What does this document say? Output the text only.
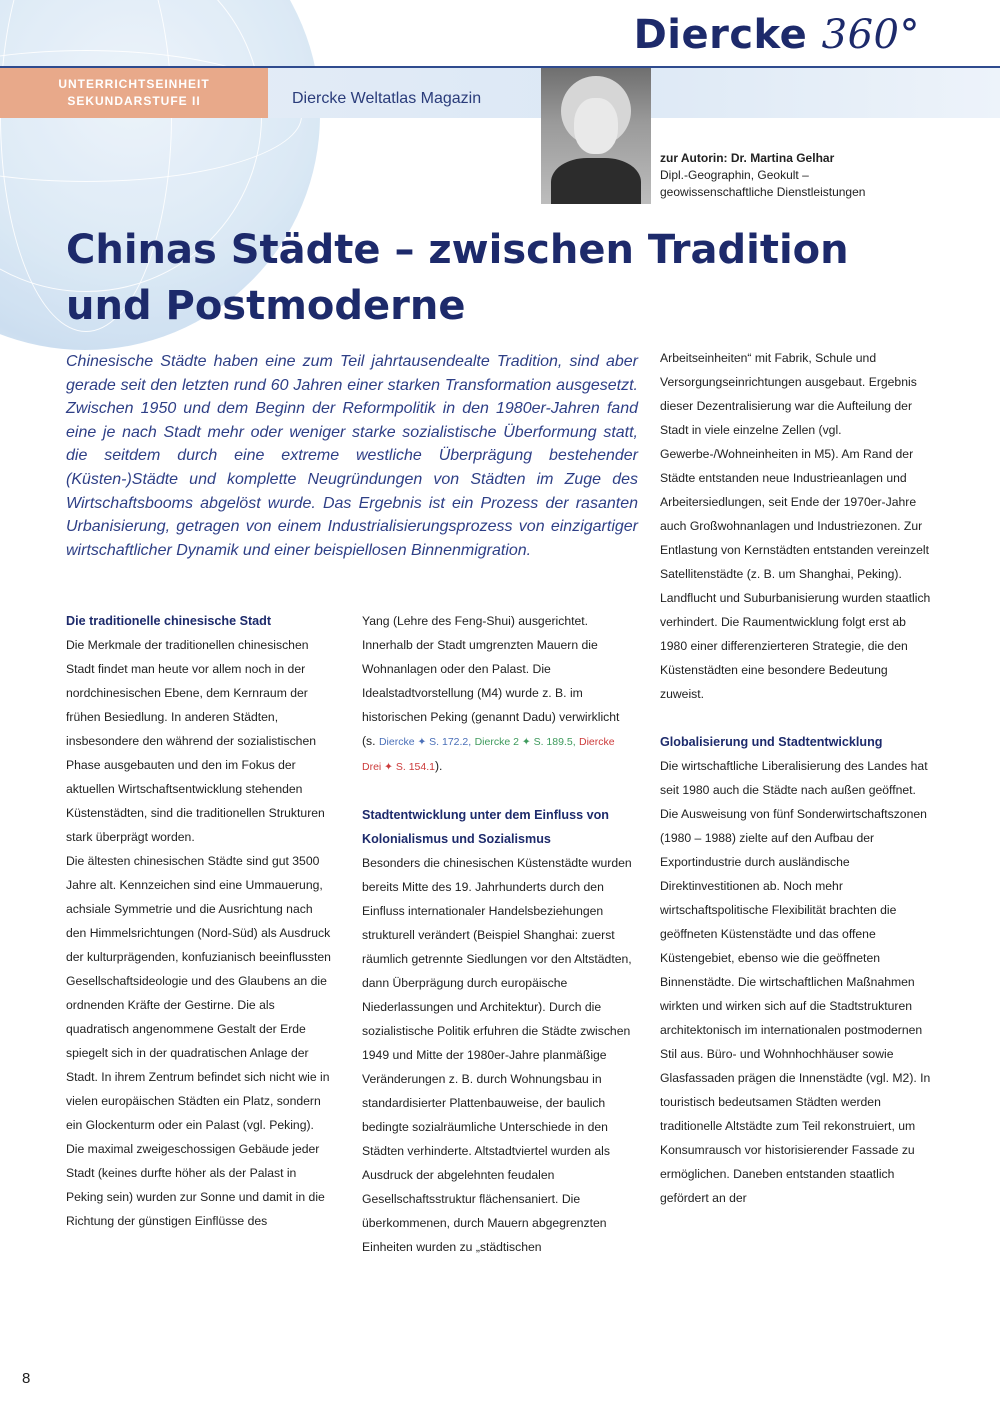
Diercke 360°
UNTERRICHTSEINHEIT
SEKUNDARSTUFE II	Diercke Weltatlas Magazin
zur Autorin: Dr. Martina Gelhar
Dipl.-Geographin, Geokult –
geowissenschaftliche Dienstleistungen
Chinas Städte – zwischen Tradition
und Postmoderne

Chinesische Städte haben eine zum Teil jahrtausendealte Tradition, sind aber gerade seit den letzten rund 60 Jahren einer starken Transformation ausgesetzt. Zwischen 1950 und dem Beginn der Reformpolitik in den 1980er-Jahren fand eine je nach Stadt mehr oder weniger starke sozialistische Überformung statt, die seitdem durch eine extreme westliche Überprägung bestehender (Küsten-)Städte und komplette Neugründungen von Städten im Zuge des Wirtschaftsbooms abgelöst wurde. Das Ergebnis ist ein Prozess der rasanten Urbanisierung, getragen von einem Industrialisierungsprozess von einzigartiger wirtschaftlicher Dynamik und einer beispiellosen Binnenmigration.

Die traditionelle chinesische Stadt

Die Merkmale der traditionellen chinesischen Stadt findet man heute vor allem noch in der nordchinesischen Ebene, dem Kernraum der frühen Besiedlung. In anderen Städten, insbesondere den während der sozialistischen Phase ausgebauten und den im Fokus der aktuellen Wirtschaftsentwicklung stehenden Küstenstädten, sind die traditionellen Strukturen stark überprägt worden.

Die ältesten chinesischen Städte sind gut 3500 Jahre alt. Kennzeichen sind eine Ummauerung, achsiale Symmetrie und die Ausrichtung nach den Himmelsrichtungen (Nord-Süd) als Ausdruck der kulturprägenden, konfuzianisch beeinflussten Gesellschaftsideologie und des Glaubens an die ordnenden Kräfte der Gestirne. Die als quadratisch angenommene Gestalt der Erde spiegelt sich in der quadratischen Anlage der Stadt. In ihrem Zentrum befindet sich nicht wie in vielen europäischen Städten ein Platz, sondern ein Glockenturm oder ein Palast (vgl. Peking). Die maximal zweigeschossigen Gebäude jeder Stadt (keines durfte höher als der Palast in Peking sein) wurden zur Sonne und damit in die Richtung der günstigen Einflüsse des

Yang (Lehre des Feng-Shui) ausgerichtet. Innerhalb der Stadt umgrenzten Mauern die Wohnanlagen oder den Palast. Die Idealstadtvorstellung (M4) wurde z. B. im historischen Peking (genannt Dadu) verwirklicht (s. Diercke ✦ S. 172.2, Diercke 2 ✦ S. 189.5, Diercke Drei ✦ S. 154.1).

Stadtentwicklung unter dem Einfluss von Kolonialismus und Sozialismus

Besonders die chinesischen Küstenstädte wurden bereits Mitte des 19. Jahrhunderts durch den Einfluss internationaler Handelsbeziehungen strukturell verändert (Beispiel Shanghai: zuerst räumlich getrennte Siedlungen vor den Altstädten, dann Überprägung durch europäische Niederlassungen und Architektur). Durch die sozialistische Politik erfuhren die Städte zwischen 1949 und Mitte der 1980er-Jahre planmäßige Veränderungen z. B. durch Wohnungsbau in standardisierter Plattenbauweise, der baulich bedingte sozialräumliche Unterschiede in den Städten verhinderte. Altstadtviertel wurden als Ausdruck der abgelehnten feudalen Gesellschaftsstruktur flächensaniert. Die überkommenen, durch Mauern abgegrenzten Einheiten wurden zu „städtischen

Arbeitseinheiten“ mit Fabrik, Schule und Versorgungseinrichtungen ausgebaut. Ergebnis dieser Dezentralisierung war die Aufteilung der Stadt in viele einzelne Zellen (vgl. Gewerbe-/Wohneinheiten in M5). Am Rand der Städte entstanden neue Industrieanlagen und Arbeitersiedlungen, seit Ende der 1970er-Jahre auch Großwohnanlagen und Industriezonen. Zur Entlastung von Kernstädten entstanden vereinzelt Satellitenstädte (z. B. um Shanghai, Peking). Landflucht und Suburbanisierung wurden staatlich verhindert. Die Raumentwicklung folgt erst ab 1980 einer differenzierteren Strategie, die den Küstenstädten eine besondere Bedeutung zuweist.

Globalisierung und Stadtentwicklung

Die wirtschaftliche Liberalisierung des Landes hat seit 1980 auch die Städte nach außen geöffnet. Die Ausweisung von fünf Sonderwirtschaftszonen (1980 – 1988) zielte auf den Aufbau der Exportindustrie durch ausländische Direktinvestitionen ab. Noch mehr wirtschaftspolitische Flexibilität brachten die geöffneten Küstenstädte und das offene Küstengebiet, ebenso wie die geöffneten Binnenstädte. Die wirtschaftlichen Maßnahmen wirkten und wirken sich auf die Stadtstrukturen architektonisch im internationalen postmodernen Stil aus. Büro- und Wohnhochhäuser sowie Glasfassaden prägen die Innenstädte (vgl. M2). In touristisch bedeutsamen Städten werden traditionelle Altstädte zum Teil rekonstruiert, um Konsumrausch vor historisierender Fassade zu ermöglichen. Daneben entstanden staatlich gefördert an der

8
